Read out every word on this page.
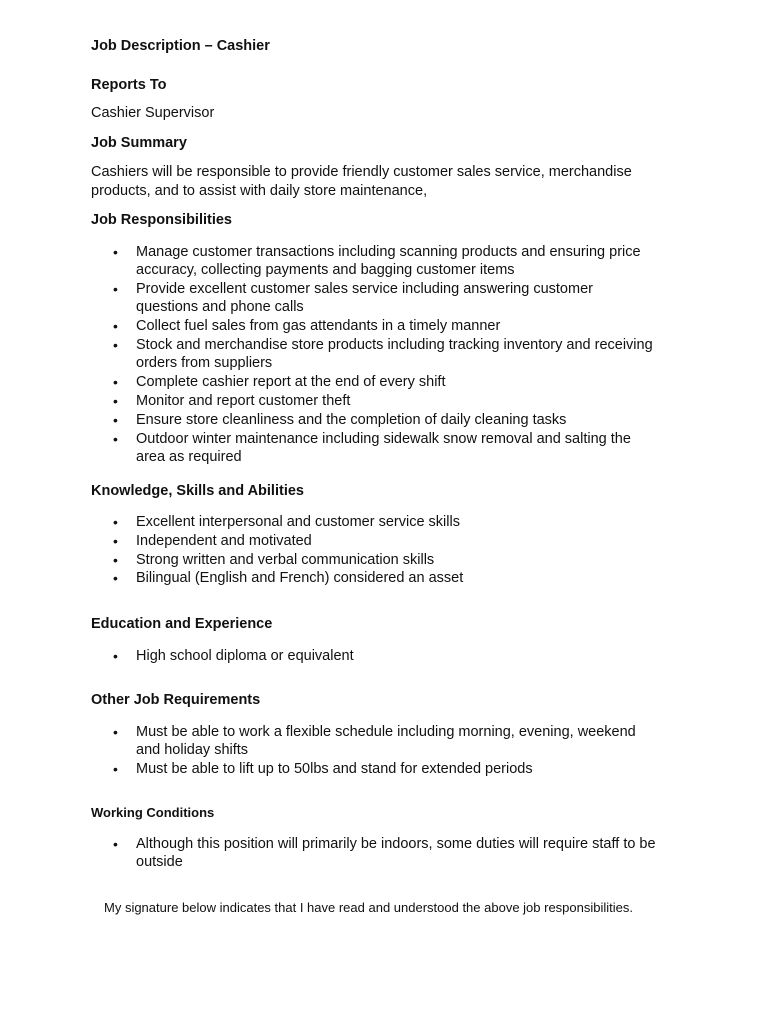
Job Description – Cashier

Reports To

Cashier Supervisor

Job Summary

Cashiers will be responsible to provide friendly customer sales service, merchandise

products, and to assist with daily store maintenance,

Job Responsibilities

• Manage customer transactions including scanning products and ensuring price
accuracy, collecting payments and bagging customer items
• Provide excellent customer sales service including answering customer
questions and phone calls
• Collect fuel sales from gas attendants in a timely manner
• Stock and merchandise store products including tracking inventory and receiving
orders from suppliers
• Complete cashier report at the end of every shift
• Monitor and report customer theft
• Ensure store cleanliness and the completion of daily cleaning tasks
• Outdoor winter maintenance including sidewalk snow removal and salting the
area as required

Knowledge, Skills and Abilities

• Excellent interpersonal and customer service skills
• Independent and motivated
• Strong written and verbal communication skills
• Bilingual (English and French) considered an asset

Education and Experience

• High school diploma or equivalent

Other Job Requirements

• Must be able to work a flexible schedule including morning, evening, weekend
and holiday shifts
• Must be able to lift up to 50lbs and stand for extended periods

Working Conditions

• Although this position will primarily be indoors, some duties will require staff to be
outside

My signature below indicates that I have read and understood the above job responsibilities.
